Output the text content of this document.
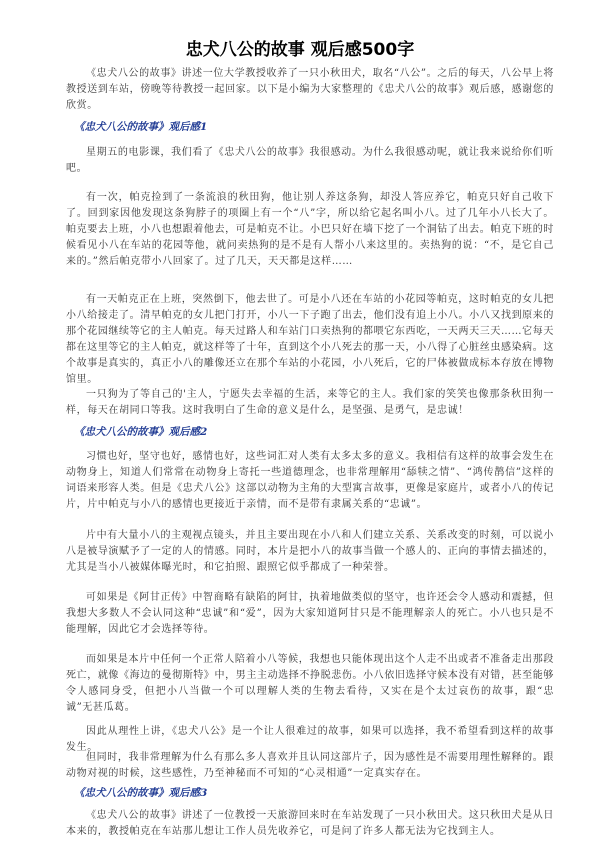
忠犬八公的故事 观后感500字

《忠犬八公的故事》讲述一位大学教授收养了一只小秋田犬，取名“八公”。之后的每天，八公早上将教授送到车站，傍晚等待教授一起回家。以下是小编为大家整理的《忠犬八公的故事》观后感，感谢您的欣赏。

《忠犬八公的故事》观后感1

星期五的电影课，我们看了《忠犬八公的故事》我很感动。为什么我很感动呢，就让我来说给你们听吧。

有一次，帕克捡到了一条流浪的秋田狗，他让别人养这条狗，却没人答应养它，帕克只好自己收下了。回到家因他发现这条狗脖子的项圈上有一个“八”字，所以给它起名叫小八。过了几年小八长大了。帕克要去上班，小八也想跟着他去，可是帕克不让。小巴只好在墙下挖了一个洞钻了出去。帕克下班的时候看见小八在车站的花园等他，就问卖热狗的是不是有人帮小八来这里的。卖热狗的说：“不，是它自己来的。”然后帕克带小八回家了。过了几天，天天都是这样……

有一天帕克正在上班，突然倒下，他去世了。可是小八还在车站的小花园等帕克，这时帕克的女儿把小八给接走了。清早帕克的女儿把门打开，小八一下子跑了出去，他们没有追上小八。小八又找到原来的那个花园继续等它的主人帕克。每天过路人和车站门口卖热狗的都喂它东西吃，一天两天三天……它每天都在这里等它的主人帕克，就这样等了十年，直到这个小八死去的那一天，小八得了心脏丝虫感染病。这个故事是真实的，真正小八的雕像还立在那个车站的小花园，小八死后，它的尸体被做成标本存放在博物馆里。

一只狗为了等自己的'主人，宁愿失去幸福的生活，来等它的主人。我们家的笑笑也像那条秋田狗一样，每天在胡同口等我。这时我明白了生命的意义是什么，是坚强、是勇气，是忠诚！

《忠犬八公的故事》观后感2

习惯也好，坚守也好，感情也好，这些词汇对人类有太多太多的意义。我相信有这样的故事会发生在动物身上，知道人们常常在动物身上寄托一些道德理念，也非常理解用“舔犊之情”、“鸿传鹊信”这样的词语来形容人类。但是《忠犬八公》这部以动物为主角的大型寓言故事，更像是家庭片，或者小八的传记片，片中帕克与小八的感情也更接近于亲情，而不是带有隶属关系的“忠诚”。

片中有大量小八的主观视点镜头，并且主要出现在小八和人们建立关系、关系改变的时刻，可以说小八是被导演赋予了一定的人的情感。同时，本片是把小八的故事当做一个感人的、正向的事情去描述的，尤其是当小八被媒体曝光时，和它拍照、跟照它似乎都成了一种荣誉。

可如果是《阿甘正传》中智商略有缺陷的阿甘，执着地做类似的坚守，也许还会令人感动和震撼，但我想大多数人不会认同这种“忠诚”和“爱”，因为大家知道阿甘只是不能理解亲人的死亡。小八也只是不能理解，因此它才会选择等待。

而如果是本片中任何一个正常人陪着小八等候，我想也只能体现出这个人走不出或者不准备走出那段死亡，就像《海边的曼彻斯特》中，男主主动选择不挣脱悲伤。小八依旧选择守候本没有对错，甚至能够令人感同身受，但把小八当做一个可以理解人类的生物去看待，又实在是个太过哀伤的故事，跟“忠诚”无甚瓜葛。

因此从理性上讲，《忠犬八公》是一个让人很难过的故事，如果可以选择，我不希望看到这样的故事发生。

但同时，我非常理解为什么有那么多人喜欢并且认同这部片子，因为感性是不需要用理性解释的。跟动物对视的时候，这些感性，乃至神秘而不可知的“心灵相通”一定真实存在。

《忠犬八公的故事》观后感3

《忠犬八公的故事》讲述了一位教授一天旅游回来时在车站发现了一只小秋田犬。这只秋田犬是从日本来的，教授帕克在车站那儿想让工作人员先收养它，可是问了许多人都无法为它找到主人。
